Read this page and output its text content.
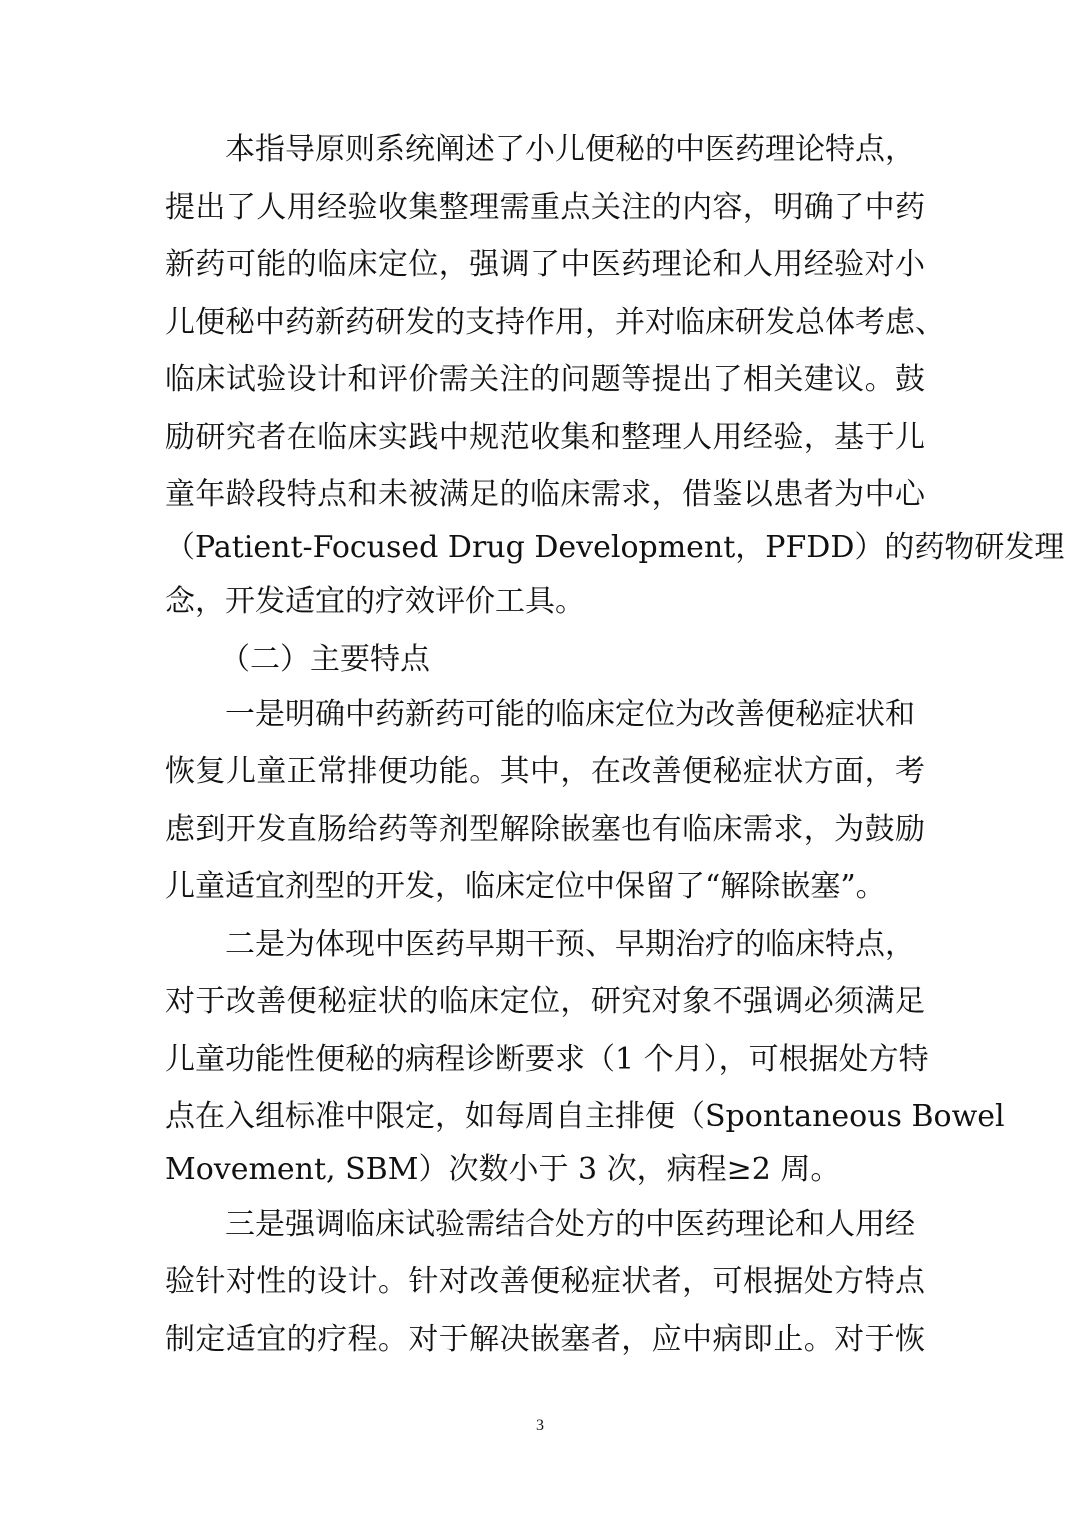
本指导原则系统阐述了小儿便秘的中医药理论特点，
提出了人用经验收集整理需重点关注的内容，明确了中药
新药可能的临床定位，强调了中医药理论和人用经验对小
儿便秘中药新药研发的支持作用，并对临床研发总体考虑、
临床试验设计和评价需关注的问题等提出了相关建议。鼓
励研究者在临床实践中规范收集和整理人用经验，基于儿
童年龄段特点和未被满足的临床需求，借鉴以患者为中心
（Patient-Focused Drug Development，PFDD）的药物研发理
念，开发适宜的疗效评价工具。
（二）主要特点
一是明确中药新药可能的临床定位为改善便秘症状和
恢复儿童正常排便功能。其中，在改善便秘症状方面，考
虑到开发直肠给药等剂型解除嵌塞也有临床需求，为鼓励
儿童适宜剂型的开发，临床定位中保留了“解除嵌塞”。
二是为体现中医药早期干预、早期治疗的临床特点，
对于改善便秘症状的临床定位，研究对象不强调必须满足
儿童功能性便秘的病程诊断要求（1 个月），可根据处方特
点在入组标准中限定，如每周自主排便（Spontaneous Bowel
Movement, SBM）次数小于 3 次，病程≥2 周。
三是强调临床试验需结合处方的中医药理论和人用经
验针对性的设计。针对改善便秘症状者，可根据处方特点
制定适宜的疗程。对于解决嵌塞者，应中病即止。对于恢
3
